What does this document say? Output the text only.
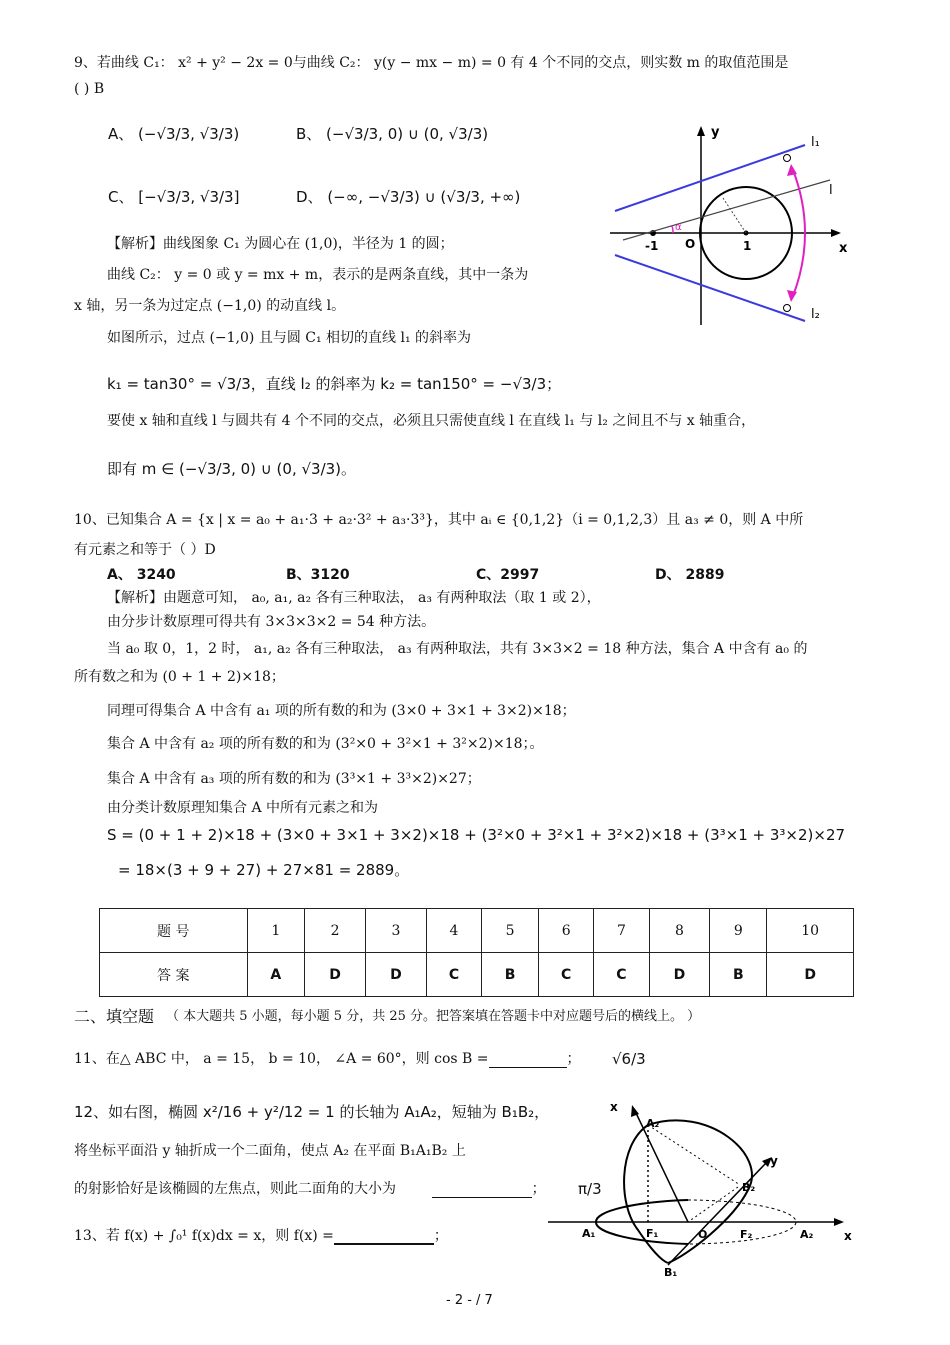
9、若曲线 C₁： x² + y² − 2x = 0与曲线 C₂： y(y − mx − m) = 0 有 4 个不同的交点，则实数 m 的取值范围是
( ) B
A、 (−√3/3, √3/3)	B、 (−√3/3, 0) ∪ (0, √3/3)
C、 [−√3/3, √3/3]	D、 (−∞, −√3/3) ∪ (√3/3, +∞)
【解析】曲线图象 C₁ 为圆心在 (1,0)，半径为 1 的圆；
曲线 C₂： y = 0 或 y = mx + m，表示的是两条直线，其中一条为
x 轴，另一条为过定点 (−1,0) 的动直线 l。
如图所示，过点 (−1,0) 且与圆 C₁ 相切的直线 l₁ 的斜率为
k₁ = tan30° = √3/3，直线 l₂ 的斜率为 k₂ = tan150° = −√3/3；
要使 x 轴和直线 l 与圆共有 4 个不同的交点，必须且只需使直线 l 在直线 l₁ 与 l₂ 之间且不与 x 轴重合，
即有 m ∈ (−√3/3, 0) ∪ (0, √3/3)。
y
x
O
-1	1
l₁
l
l₂
α
10、已知集合 A = {x | x = a₀ + a₁·3 + a₂·3² + a₃·3³}，其中 aᵢ ∈ {0,1,2}（i = 0,1,2,3）且 a₃ ≠ 0，则 A 中所
有元素之和等于（ ）D
A、 3240	B、3120	C、2997	D、 2889
【解析】由题意可知， a₀, a₁, a₂ 各有三种取法， a₃ 有两种取法（取 1 或 2），
由分步计数原理可得共有 3×3×3×2 = 54 种方法。
当 a₀ 取 0，1，2 时， a₁, a₂ 各有三种取法， a₃ 有两种取法，共有 3×3×2 = 18 种方法，集合 A 中含有 a₀ 的
所有数之和为 (0 + 1 + 2)×18；
同理可得集合 A 中含有 a₁ 项的所有数的和为 (3×0 + 3×1 + 3×2)×18；
集合 A 中含有 a₂ 项的所有数的和为 (3²×0 + 3²×1 + 3²×2)×18；。
集合 A 中含有 a₃ 项的所有数的和为 (3³×1 + 3³×2)×27；
由分类计数原理知集合 A 中所有元素之和为
S = (0 + 1 + 2)×18 + (3×0 + 3×1 + 3×2)×18 + (3²×0 + 3²×1 + 3²×2)×18 + (3³×1 + 3³×2)×27
= 18×(3 + 9 + 27) + 27×81 = 2889。
题 号	1	2	3	4	5	6	7	8	9	10
答 案	A	D	D	C	B	C	C	D	B	D
二、填空题 （ 本大题共 5 小题，每小题 5 分，共 25 分。把答案填在答题卡中对应题号后的横线上。 ）
11、在△ ABC 中， a = 15， b = 10， ∠A = 60°，则 cos B =	； √6/3
12、如右图，椭圆 x²/16 + y²/12 = 1 的长轴为 A₁A₂，短轴为 B₁B₂，
将坐标平面沿 y 轴折成一个二面角，使点 A₂ 在平面 B₁A₁B₂ 上
的射影恰好是该椭圆的左焦点，则此二面角的大小为	； π/3
x
x
y
A₂
B₂
A₁	F₁	O	F₂	A₂
B₁
13、若 f(x) + ∫₀¹ f(x)dx = x，则 f(x) =	；
- 2 - / 7
